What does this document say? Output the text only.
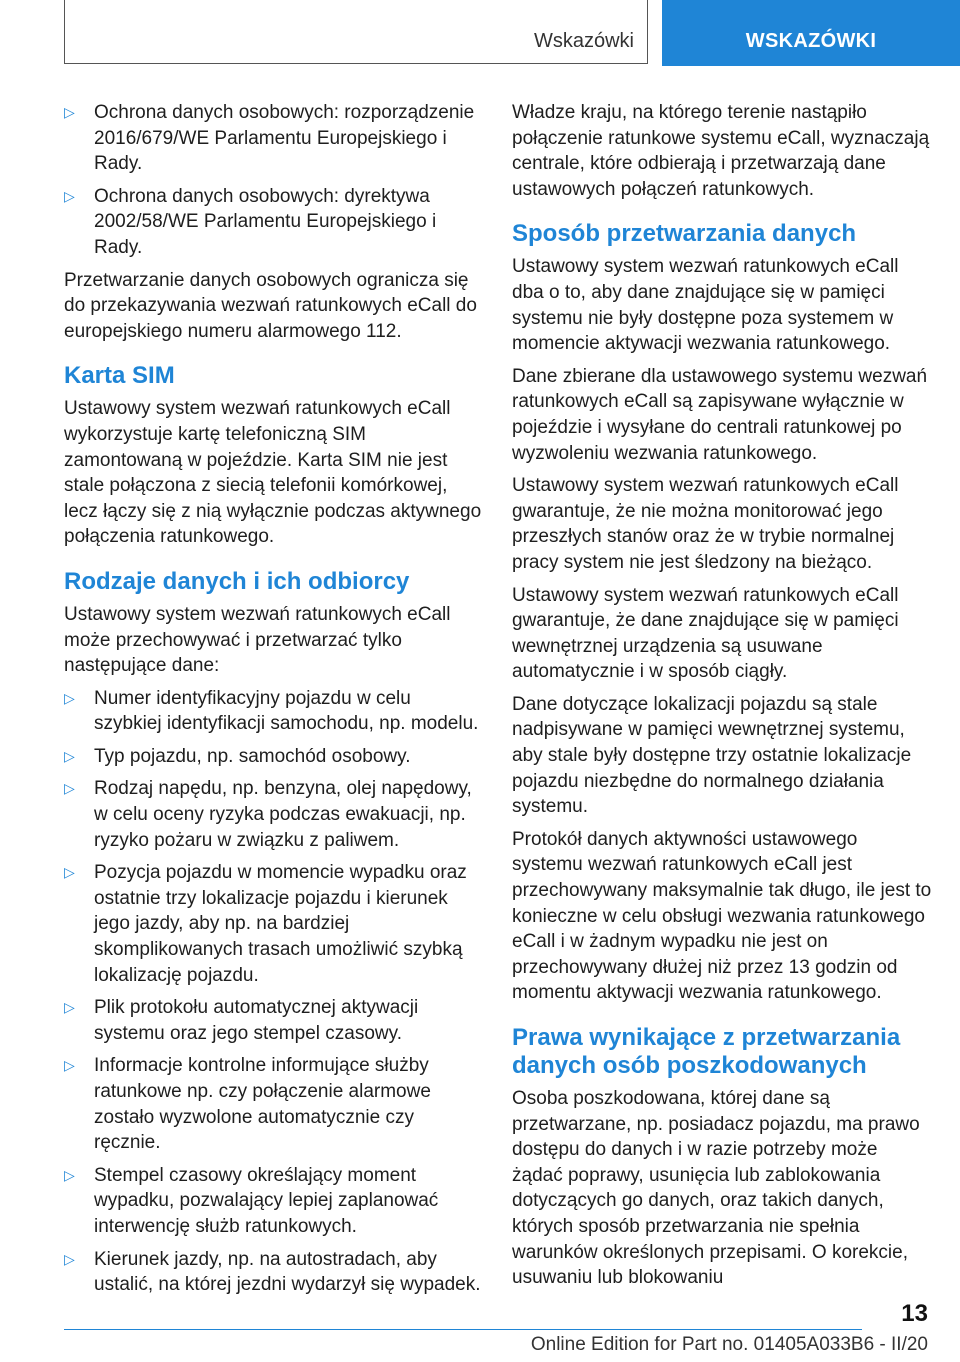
Wskazówki	WSKAZÓWKI
▷ Ochrona danych osobowych: rozporządzenie 2016/679/WE Parlamentu Europejskiego i Rady.
▷ Ochrona danych osobowych: dyrektywa 2002/58/WE Parlamentu Europejskiego i Rady.

Przetwarzanie danych osobowych ogranicza się do przekazywania wezwań ratunkowych eCall do europejskiego numeru alarmowego 112.

Karta SIM

Ustawowy system wezwań ratunkowych eCall wykorzystuje kartę telefoniczną SIM zamontowaną w pojeździe. Karta SIM nie jest stale połączona z siecią telefonii komórkowej, lecz łączy się z nią wyłącznie podczas aktywnego połączenia ratunkowego.

Rodzaje danych i ich odbiorcy

Ustawowy system wezwań ratunkowych eCall może przechowywać i przetwarzać tylko następujące dane:

▷ Numer identyfikacyjny pojazdu w celu szybkiej identyfikacji samochodu, np. modelu.
▷ Typ pojazdu, np. samochód osobowy.
▷ Rodzaj napędu, np. benzyna, olej napędowy, w celu oceny ryzyka podczas ewakuacji, np. ryzyko pożaru w związku z paliwem.
▷ Pozycja pojazdu w momencie wypadku oraz ostatnie trzy lokalizacje pojazdu i kierunek jego jazdy, aby np. na bardziej skomplikowanych trasach umożliwić szybką lokalizację pojazdu.
▷ Plik protokołu automatycznej aktywacji systemu oraz jego stempel czasowy.
▷ Informacje kontrolne informujące służby ratunkowe np. czy połączenie alarmowe zostało wyzwolone automatycznie czy ręcznie.
▷ Stempel czasowy określający moment wypadku, pozwalający lepiej zaplanować interwencję służb ratunkowych.
▷ Kierunek jazdy, np. na autostradach, aby ustalić, na której jezdni wydarzył się wypadek.

Władze kraju, na którego terenie nastąpiło połączenie ratunkowe systemu eCall, wyznaczają centrale, które odbierają i przetwarzają dane ustawowych połączeń ratunkowych.

Sposób przetwarzania danych

Ustawowy system wezwań ratunkowych eCall dba o to, aby dane znajdujące się w pamięci systemu nie były dostępne poza systemem w momencie aktywacji wezwania ratunkowego.

Dane zbierane dla ustawowego systemu wezwań ratunkowych eCall są zapisywane wyłącznie w pojeździe i wysyłane do centrali ratunkowej po wyzwoleniu wezwania ratunkowego.

Ustawowy system wezwań ratunkowych eCall gwarantuje, że nie można monitorować jego przeszłych stanów oraz że w trybie normalnej pracy system nie jest śledzony na bieżąco.

Ustawowy system wezwań ratunkowych eCall gwarantuje, że dane znajdujące się w pamięci wewnętrznej urządzenia są usuwane automatycznie i w sposób ciągły.

Dane dotyczące lokalizacji pojazdu są stale nadpisywane w pamięci wewnętrznej systemu, aby stale były dostępne trzy ostatnie lokalizacje pojazdu niezbędne do normalnego działania systemu.

Protokół danych aktywności ustawowego systemu wezwań ratunkowych eCall jest przechowywany maksymalnie tak długo, ile jest to konieczne w celu obsługi wezwania ratunkowego eCall i w żadnym wypadku nie jest on przechowywany dłużej niż przez 13 godzin od momentu aktywacji wezwania ratunkowego.

Prawa wynikające z przetwarzania danych osób poszkodowanych

Osoba poszkodowana, której dane są przetwarzane, np. posiadacz pojazdu, ma prawo dostępu do danych i w razie potrzeby może żądać poprawy, usunięcia lub zablokowania dotyczących go danych, oraz takich danych, których sposób przetwarzania nie spełnia warunków określonych przepisami. O korekcie, usuwaniu lub blokowaniu

13
Online Edition for Part no. 01405A033B6 - II/20
